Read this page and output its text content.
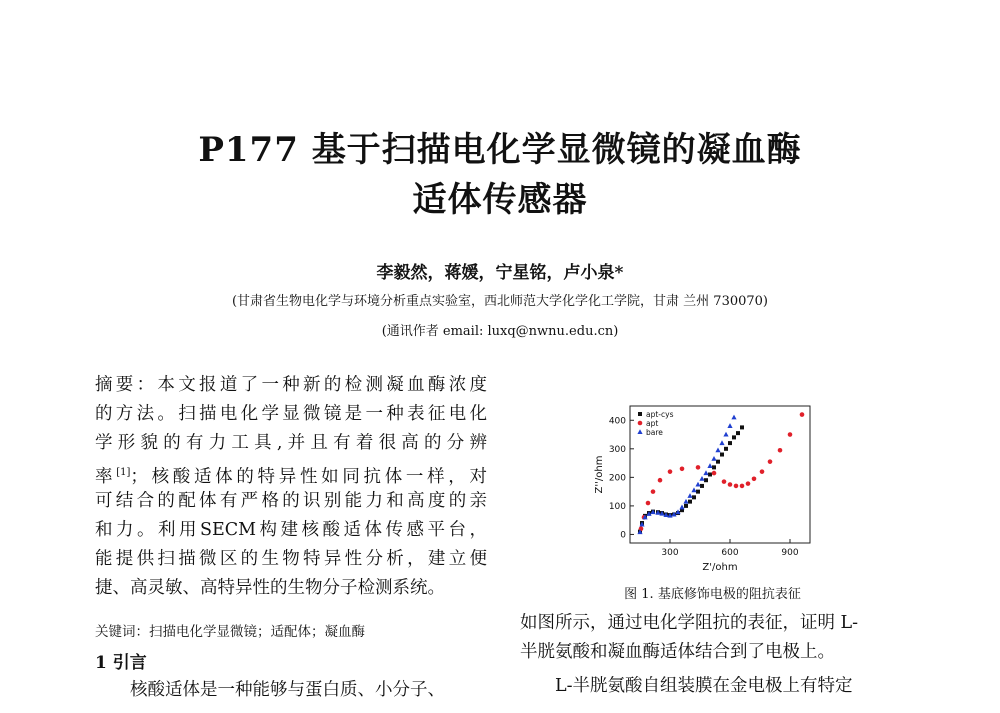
P177 基于扫描电化学显微镜的凝血酶
适体传感器
李毅然，蒋媛，宁星铭，卢小泉*
(甘肃省生物电化学与环境分析重点实验室，西北师范大学化学化工学院，甘肃 兰州 730070)
(通讯作者 email: luxq@nwnu.edu.cn)
摘要：本文报道了一种新的检测凝血酶浓度
的方法。扫描电化学显微镜是一种表征电化
学形貌的有力工具,并且有着很高的分辨
率[1]；核酸适体的特异性如同抗体一样，对
可结合的配体有严格的识别能力和高度的亲
和力。利用SECM构建核酸适体传感平台，
能提供扫描微区的生物特异性分析，建立便
捷、高灵敏、高特异性的生物分子检测系统。
关键词：扫描电化学显微镜；适配体；凝血酶
1 引言
核酸适体是一种能够与蛋白质、小分子、
300	600	900
0
100
200
300
400
Z'/ohm
Z''/ohm
apt-cys
apt
bare
图 1. 基底修饰电极的阻抗表征
如图所示，通过电化学阻抗的表征，证明 L-
半胱氨酸和凝血酶适体结合到了电极上。
L-半胱氨酸自组装膜在金电极上有特定
